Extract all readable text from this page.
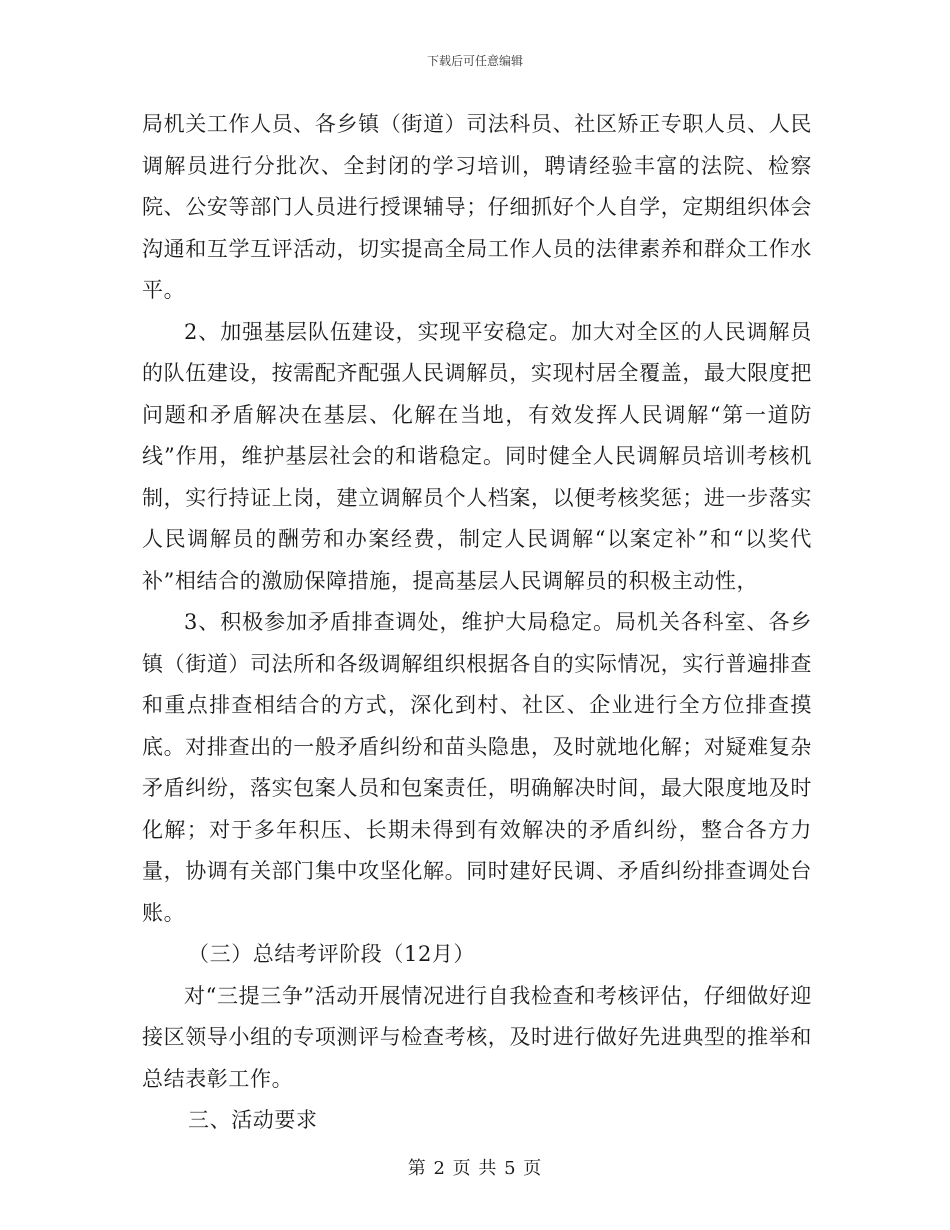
下载后可任意编辑

局机关工作人员、各乡镇（街道）司法科员、社区矫正专职人员、人民调解员进行分批次、全封闭的学习培训，聘请经验丰富的法院、检察院、公安等部门人员进行授课辅导；仔细抓好个人自学，定期组织体会沟通和互学互评活动，切实提高全局工作人员的法律素养和群众工作水平。

2、加强基层队伍建设，实现平安稳定。加大对全区的人民调解员的队伍建设，按需配齐配强人民调解员，实现村居全覆盖，最大限度把问题和矛盾解决在基层、化解在当地，有效发挥人民调解“第一道防线”作用，维护基层社会的和谐稳定。同时健全人民调解员培训考核机制，实行持证上岗，建立调解员个人档案，以便考核奖惩；进一步落实人民调解员的酬劳和办案经费，制定人民调解“以案定补”和“以奖代补”相结合的激励保障措施，提高基层人民调解员的积极主动性，

3、积极参加矛盾排查调处，维护大局稳定。局机关各科室、各乡镇（街道）司法所和各级调解组织根据各自的实际情况，实行普遍排查和重点排查相结合的方式，深化到村、社区、企业进行全方位排查摸底。对排查出的一般矛盾纠纷和苗头隐患，及时就地化解；对疑难复杂矛盾纠纷，落实包案人员和包案责任，明确解决时间，最大限度地及时化解；对于多年积压、长期未得到有效解决的矛盾纠纷，整合各方力量，协调有关部门集中攻坚化解。同时建好民调、矛盾纠纷排查调处台账。

（三）总结考评阶段（12月）

对“三提三争”活动开展情况进行自我检查和考核评估，仔细做好迎接区领导小组的专项测评与检查考核，及时进行做好先进典型的推举和总结表彰工作。

三、活动要求

第 2 页 共 5 页
